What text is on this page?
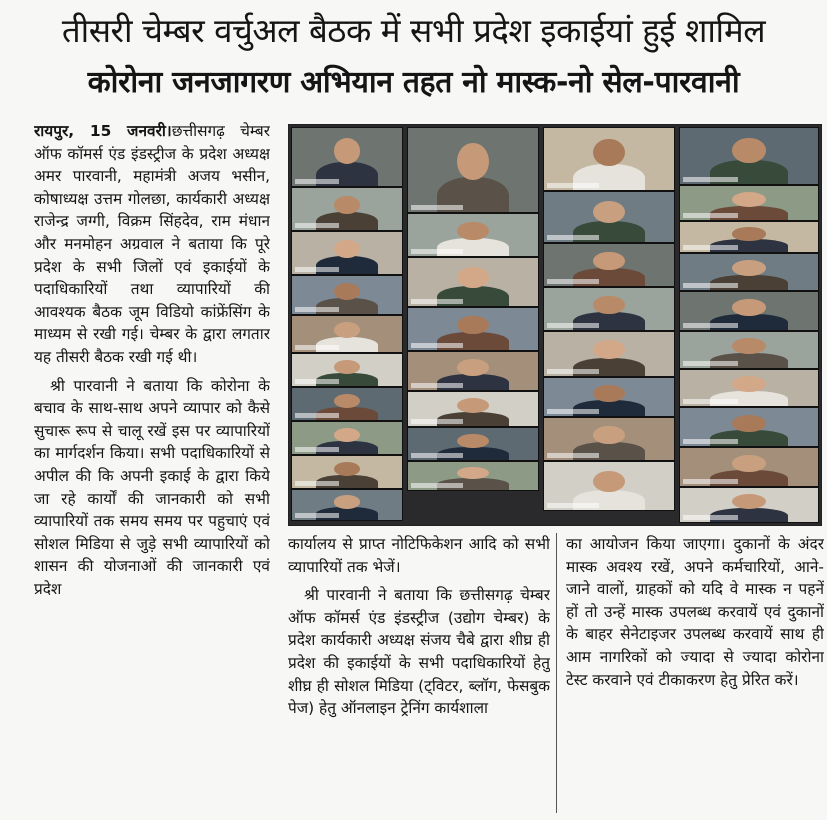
तीसरी चेम्बर वर्चुअल बैठक में सभी प्रदेश इकाईयां हुई शामिल
कोरोना जनजागरण अभियान तहत नो मास्क-नो सेल-पारवानी

रायपुर, 15 जनवरी।छत्तीसगढ़ चेम्बर ऑफ कॉमर्स एंड इंडस्ट्रीज के प्रदेश अध्यक्ष अमर पारवानी, महामंत्री अजय भसीन, कोषाध्यक्ष उत्तम गोलछा, कार्यकारी अध्यक्ष राजेन्द्र जग्गी, विक्रम सिंहदेव, राम मंधान और मनमोहन अग्रवाल ने बताया कि पूरे प्रदेश के सभी जिलों एवं इकाईयों के पदाधिकारियों तथा व्यापारियों की आवश्यक बैठक जूम विडियो कांफ्रेंसिंग के माध्यम से रखी गई। चेम्बर के द्वारा लगतार यह तीसरी बैठक रखी गई थी।

श्री पारवानी ने बताया कि कोरोना के बचाव के साथ-साथ अपने व्यापार को कैसे सुचारू रूप से चालू रखें इस पर व्यापारियों का मार्गदर्शन किया। सभी पदाधिकारियों से अपील की कि अपनी इकाई के द्वारा किये जा रहे कार्यों की जानकारी को सभी व्यापारियों तक समय समय पर पहुचाएं एवं सोशल मिडिया से जुड़े सभी व्यापारियों को शासन की योजनाओं की जानकारी एवं प्रदेश

कार्यालय से प्राप्त नोटिफिकेशन आदि को सभी व्यापारियों तक भेजें।

श्री पारवानी ने बताया कि छत्तीसगढ़ चेम्बर ऑफ कॉमर्स एंड इंडस्ट्रीज (उद्योग चेम्बर) के प्रदेश कार्यकारी अध्यक्ष संजय चैबे द्वारा शीघ्र ही प्रदेश की इकाईयों के सभी पदाधिकारियों हेतु शीघ्र ही सोशल मिडिया (ट्विटर, ब्लॉग, फेसबुक पेज) हेतु ऑनलाइन ट्रेनिंग कार्यशाला

का आयोजन किया जाएगा। दुकानों के अंदर मास्क अवश्य रखें, अपने कर्मचारियों, आने-जाने वालों, ग्राहकों को यदि वे मास्क न पहनें हों तो उन्हें मास्क उपलब्ध करवायें एवं दुकानों के बाहर सेनेटाइजर उपलब्ध करवायें साथ ही आम नागरिकों को ज्यादा से ज्यादा कोरोना टेस्ट करवाने एवं टीकाकरण हेतु प्रेरित करें।
